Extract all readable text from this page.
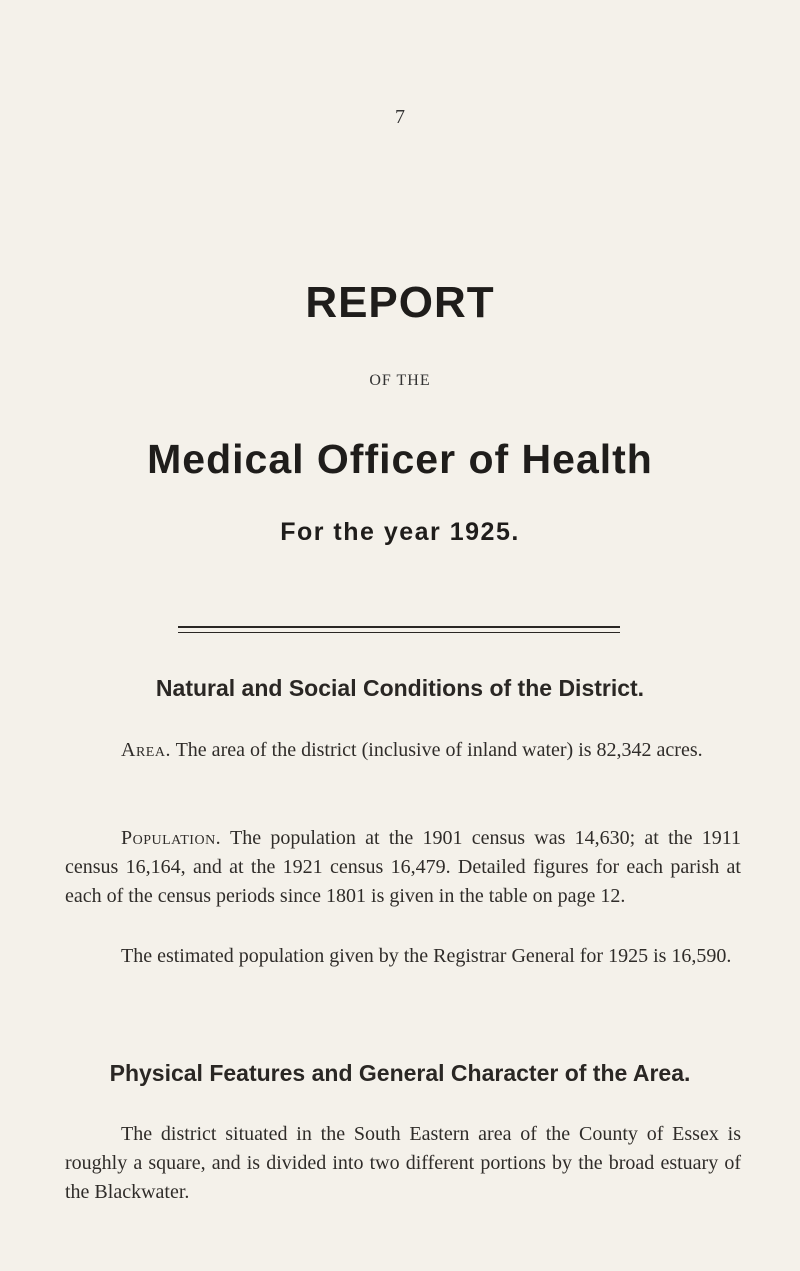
7
REPORT
OF THE
Medical Officer of Health
For the year 1925.
Natural and Social Conditions of the District.

Area. The area of the district (inclusive of inland water) is 82,342 acres.

Population. The population at the 1901 census was 14,630; at the 1911 census 16,164, and at the 1921 census 16,479. Detailed figures for each parish at each of the census periods since 1801 is given in the table on page 12.

The estimated population given by the Registrar General for 1925 is 16,590.

Physical Features and General Character of the Area.

The district situated in the South Eastern area of the County of Essex is roughly a square, and is divided into two different portions by the broad estuary of the Blackwater.
